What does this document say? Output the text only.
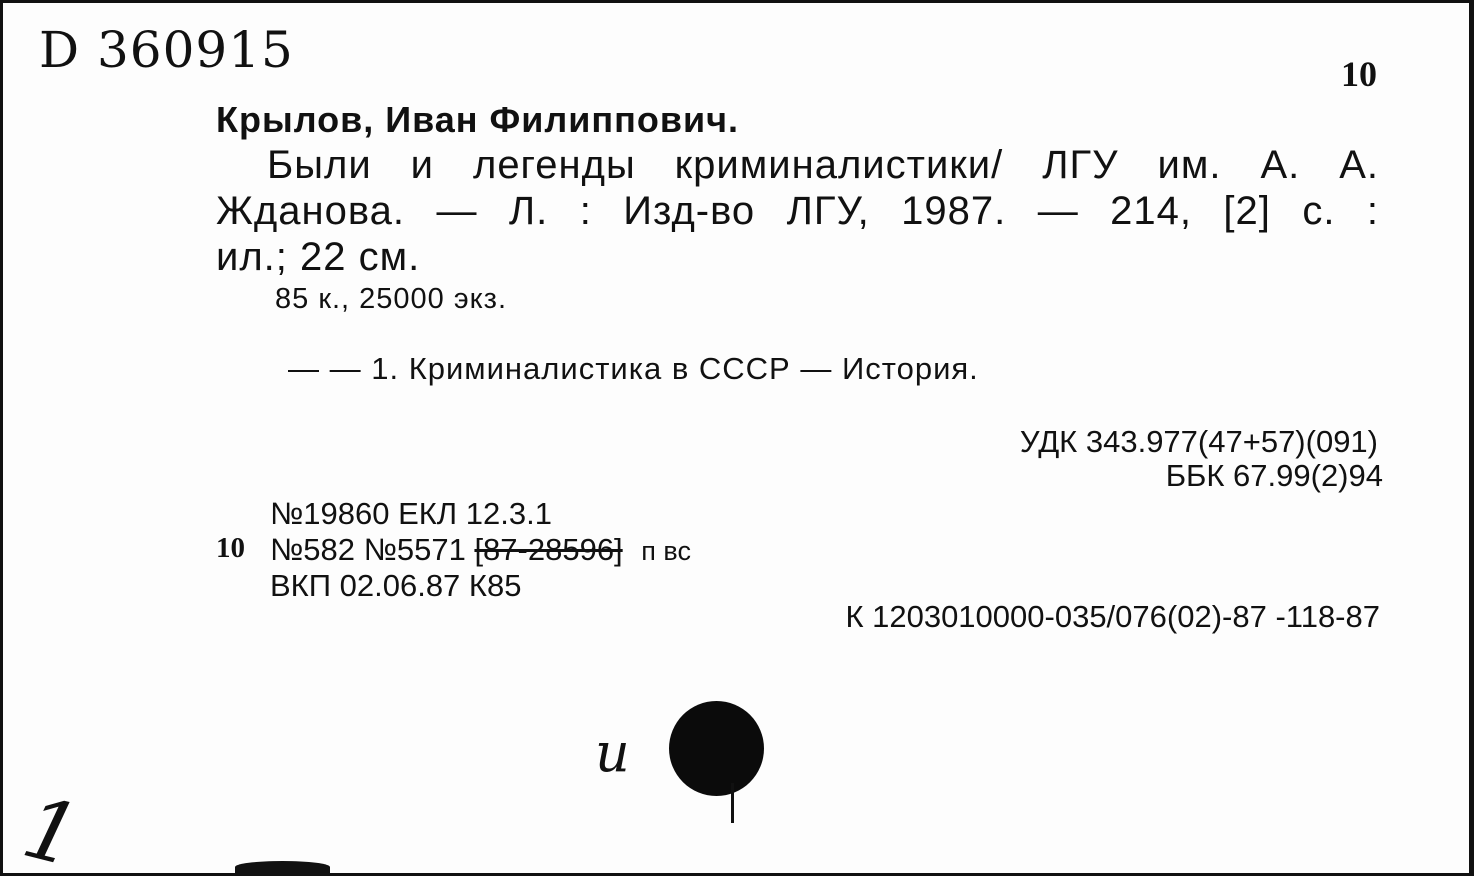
D 360915	10
Крылов, Иван Филиппович.
Были и легенды криминалистики/ ЛГУ им. А. А.
Жданова. — Л. : Изд-во ЛГУ, 1987. — 214, [2] с. :
ил.; 22 см.
85 к., 25000 экз.
— — 1. Криминалистика в СССР — История.
УДК 343.977(47+57)(091)
ББК 67.99(2)94
№19860 ЕКЛ 12.3.1
10 №582 №5571 [87-28596] п вс
ВКП 02.06.87 К85
К 1203010000-035/076(02)-87 -118-87
и
1
